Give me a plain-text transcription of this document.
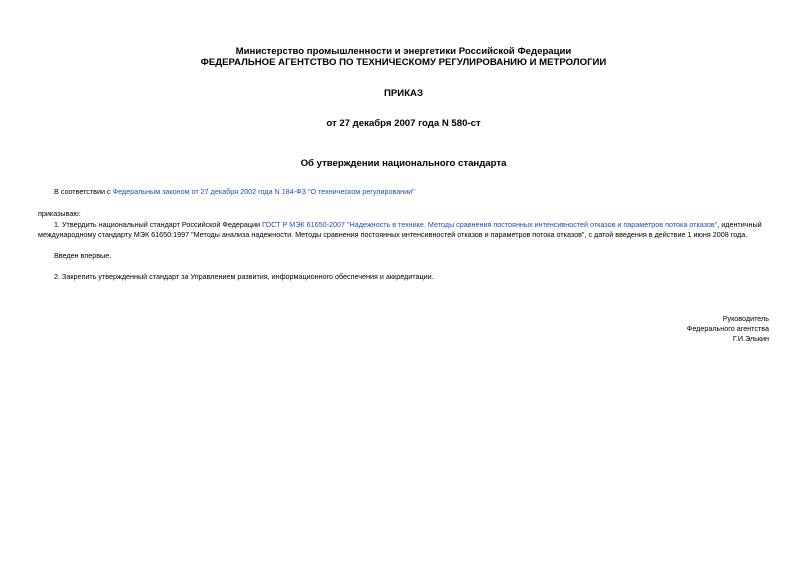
Министерство промышленности и энергетики Российской Федерации
ФЕДЕРАЛЬНОЕ АГЕНТСТВО ПО ТЕХНИЧЕСКОМУ РЕГУЛИРОВАНИЮ И МЕТРОЛОГИИ
ПРИКАЗ
от 27 декабря 2007 года N 580-ст
Об утверждении национального стандарта
В соответствии с Федеральным законом от 27 декабря 2002 года N 184-ФЗ "О техническом регулировании"
приказываю:
1. Утвердить национальный стандарт Российской Федерации ГОСТ Р МЭК 61650-2007 "Надежность в технике. Методы сравнения постоянных интенсивностей отказов и параметров потока отказов", идентичный
международному стандарту МЭК 61650:1997 "Методы анализа надежности. Методы сравнения постоянных интенсивностей отказов и параметров потока отказов", с датой введения в действие 1 июня 2008 года.
Введен впервые.
2. Закрепить утвержденный стандарт за Управлением развития, информационного обеспечения и аккредитации.
Руководитель
Федерального агентства
Г.И.Элькин
